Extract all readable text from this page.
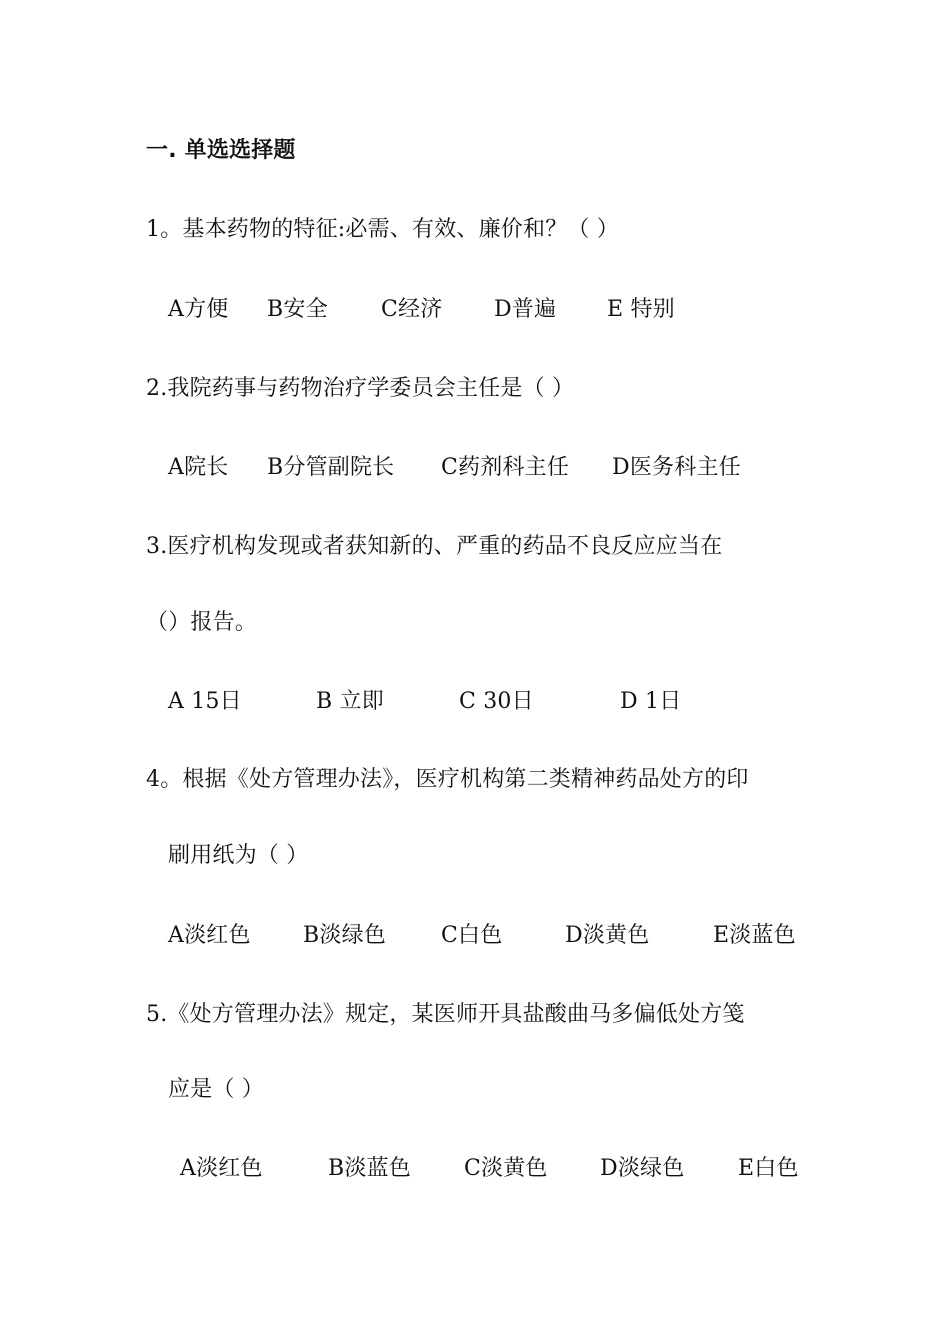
一. 单选选择题
1。基本药物的特征:必需、有效、廉价和？（ ）
A方便 B安全 C经济 D普遍 E 特别
2.我院药事与药物治疗学委员会主任是（ ）
A院长 B分管副院长 C药剂科主任 D医务科主任
3.医疗机构发现或者获知新的、严重的药品不良反应应当在
（）报告。
A 15日	B 立即	C 30日	D 1日
4。根据《处方管理办法》，医疗机构第二类精神药品处方的印
刷用纸为（ ）
A淡红色 B淡绿色	C白色	D淡黄色	E淡蓝色
5.《处方管理办法》规定，某医师开具盐酸曲马多偏低处方笺
应是（ ）
A淡红色	B淡蓝色 C淡黄色 D淡绿色 E白色
